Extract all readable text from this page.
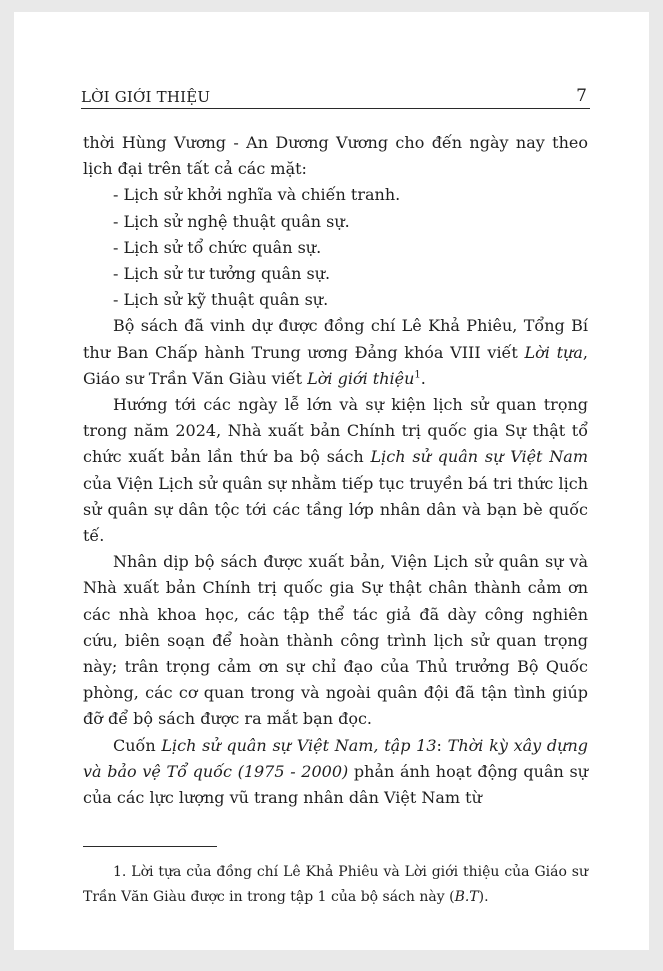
LỜI GIỚI THIỆU	7

thời Hùng Vương - An Dương Vương cho đến ngày nay theo lịch đại trên tất cả các mặt:

- Lịch sử khởi nghĩa và chiến tranh.

- Lịch sử nghệ thuật quân sự.

- Lịch sử tổ chức quân sự.

- Lịch sử tư tưởng quân sự.

- Lịch sử kỹ thuật quân sự.

Bộ sách đã vinh dự được đồng chí Lê Khả Phiêu, Tổng Bí thư Ban Chấp hành Trung ương Đảng khóa VIII viết Lời tựa, Giáo sư Trần Văn Giàu viết Lời giới thiệu$^1$.

Hướng tới các ngày lễ lớn và sự kiện lịch sử quan trọng trong năm 2024, Nhà xuất bản Chính trị quốc gia Sự thật tổ chức xuất bản lần thứ ba bộ sách Lịch sử quân sự Việt Nam của Viện Lịch sử quân sự nhằm tiếp tục truyền bá tri thức lịch sử quân sự dân tộc tới các tầng lớp nhân dân và bạn bè quốc tế.

Nhân dịp bộ sách được xuất bản, Viện Lịch sử quân sự và Nhà xuất bản Chính trị quốc gia Sự thật chân thành cảm ơn các nhà khoa học, các tập thể tác giả đã dày công nghiên cứu, biên soạn để hoàn thành công trình lịch sử quan trọng này; trân trọng cảm ơn sự chỉ đạo của Thủ trưởng Bộ Quốc phòng, các cơ quan trong và ngoài quân đội đã tận tình giúp đỡ để bộ sách được ra mắt bạn đọc.

Cuốn Lịch sử quân sự Việt Nam, tập 13: Thời kỳ xây dựng và bảo vệ Tổ quốc (1975 - 2000) phản ánh hoạt động quân sự của các lực lượng vũ trang nhân dân Việt Nam từ

1. Lời tựa của đồng chí Lê Khả Phiêu và Lời giới thiệu của Giáo sư Trần Văn Giàu được in trong tập 1 của bộ sách này (B.T).
